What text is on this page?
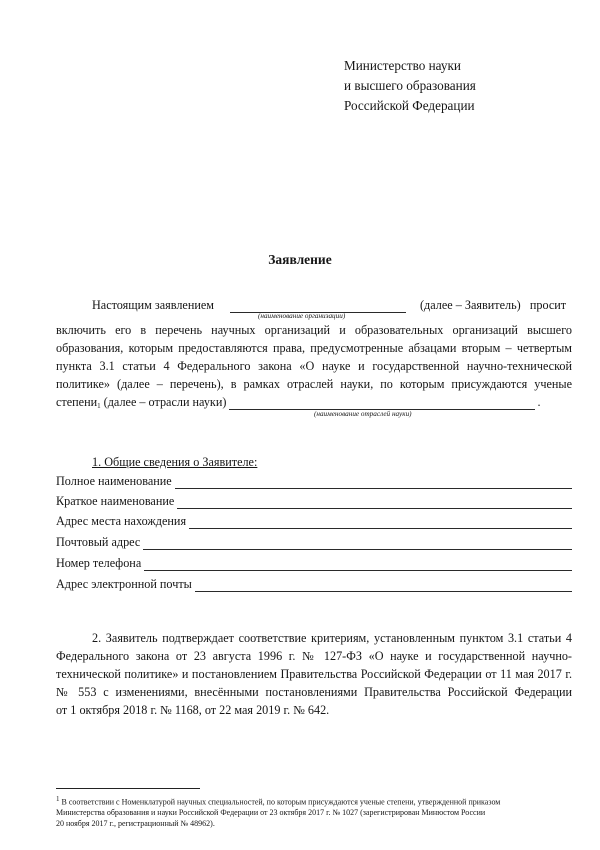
Министерство науки
и высшего образования
Российской Федерации
Заявление
Настоящим заявлением	(далее – Заявитель)   просит
(наименование организации)
включить его в перечень научных организаций и образовательных организаций высшего
образования, которым предоставляются права, предусмотренные абзацами вторым – четвертым
пункта 3.1 статьи 4 Федерального закона «О науке и государственной научно-технической
политике» (далее – перечень), в рамках отраслей науки, по которым присуждаются ученые
степени$_1$ (далее – отрасли науки)	.
(наименование отраслей науки)
1. Общие сведения о Заявителе:
Полное наименование
Краткое наименование
Адрес места нахождения
Почтовый адрес
Номер телефона
Адрес электронной почты
2. Заявитель подтверждает соответствие критериям, установленным пунктом 3.1 статьи 4
Федерального закона от 23 августа 1996 г. № 127-ФЗ «О науке и государственной научно-
технической политике» и постановлением Правительства Российской Федерации от 11 мая 2017 г.
№ 553 с изменениями, внесёнными постановлениями Правительства Российской Федерации
от 1 октября 2018 г. № 1168, от 22 мая 2019 г. № 642.
$^1$ В соответствии с Номенклатурой научных специальностей, по которым присуждаются ученые степени, утвержденной приказом
Министерства образования и науки Российской Федерации от 23 октября 2017 г. № 1027 (зарегистрирован Минюстом России
20 ноября 2017 г., регистрационный № 48962).
